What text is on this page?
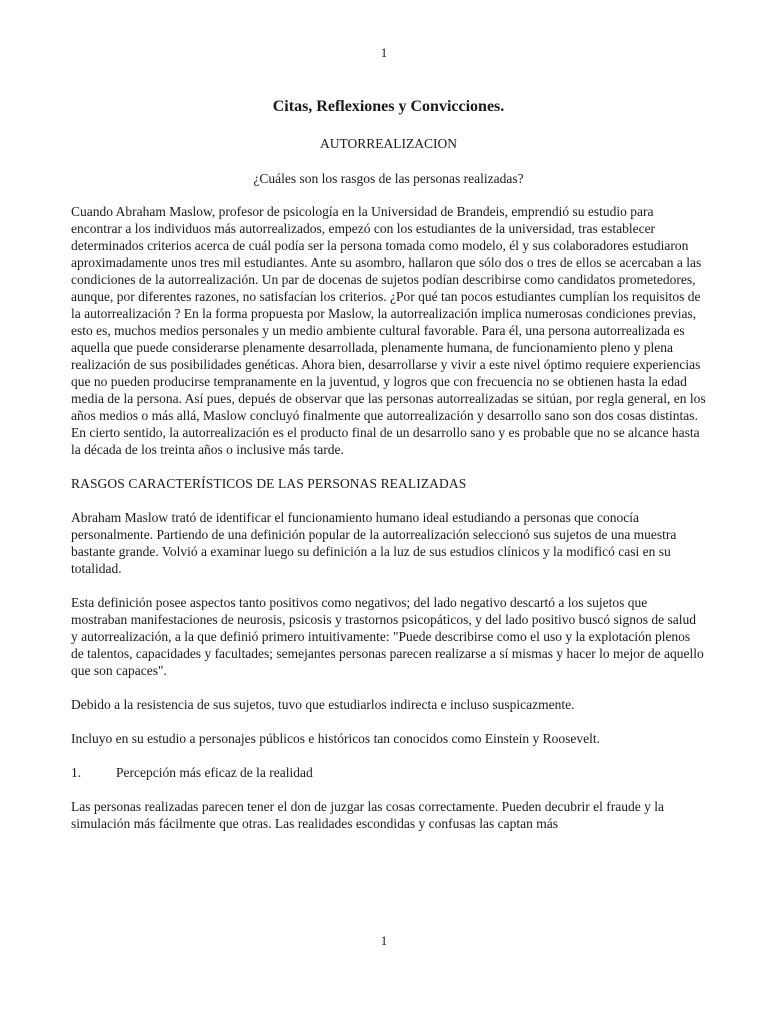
1
Citas, Reflexiones y Convicciones.
AUTORREALIZACION
¿Cuáles son los rasgos de las personas realizadas?

Cuando Abraham Maslow, profesor de psicología en la Universidad de Brandeis, emprendió su estudio para encontrar a los individuos más autorrealizados, empezó con los estudiantes de la universidad, tras establecer determinados criterios acerca de cuál podía ser la persona tomada como modelo, él y sus colaboradores estudiaron aproximadamente unos tres mil estudiantes. Ante su asombro, hallaron que sólo dos o tres de ellos se acercaban a las condiciones de la autorrealización. Un par de docenas de sujetos podían describirse como candidatos prometedores, aunque, por diferentes razones, no satisfacían los criterios. ¿Por qué tan pocos estudiantes cumplían los requisitos de la autorrealización ? En la forma propuesta por Maslow, la autorrealización implica numerosas condiciones previas, esto es, muchos medios personales y un medio ambiente cultural favorable. Para él, una persona autorrealizada es aquella que puede considerarse plenamente desarrollada, plenamente humana, de funcionamiento pleno y plena realización de sus posibilidades genéticas. Ahora bien, desarrollarse y vivir a este nivel óptimo requiere experiencias que no pueden producirse tempranamente en la juventud, y logros que con frecuencia no se obtienen hasta la edad media de la persona. Así pues, depués de observar que las personas autorrealizadas se sitúan, por regla general, en los años medios o más allá, Maslow concluyó finalmente que autorrealización y desarrollo sano son dos cosas distintas. En cierto sentido, la autorrealización es el producto final de un desarrollo sano y es probable que no se alcance hasta la década de los treinta años o inclusive más tarde.

RASGOS CARACTERÍSTICOS DE LAS PERSONAS REALIZADAS

Abraham Maslow trató de identificar el funcionamiento humano ideal estudiando a personas que conocía personalmente. Partiendo de una definición popular de la autorrealización seleccionó sus sujetos de una muestra bastante grande. Volvió a examinar luego su definición a la luz de sus estudios clínicos y la modificó casi en su totalidad.

Esta definición posee aspectos tanto positivos como negativos; del lado negativo descartó a los sujetos que mostraban manifestaciones de neurosis, psicosis y trastornos psicopáticos, y del lado positivo buscó signos de salud y autorrealización, a la que definió primero intuitivamente: "Puede describirse como el uso y la explotación plenos de talentos, capacidades y facultades; semejantes personas parecen realizarse a sí mismas y hacer lo mejor de aquello que son capaces".

Debido a la resistencia de sus sujetos, tuvo que estudiarlos indirecta e incluso suspicazmente.

Incluyo en su estudio a personajes públicos e históricos tan conocidos como Einstein y Roosevelt.

1.	Percepción más eficaz de la realidad

Las personas realizadas parecen tener el don de juzgar las cosas correctamente. Pueden decubrir el fraude y la simulación más fácilmente que otras. Las realidades escondidas y confusas las captan más

1
